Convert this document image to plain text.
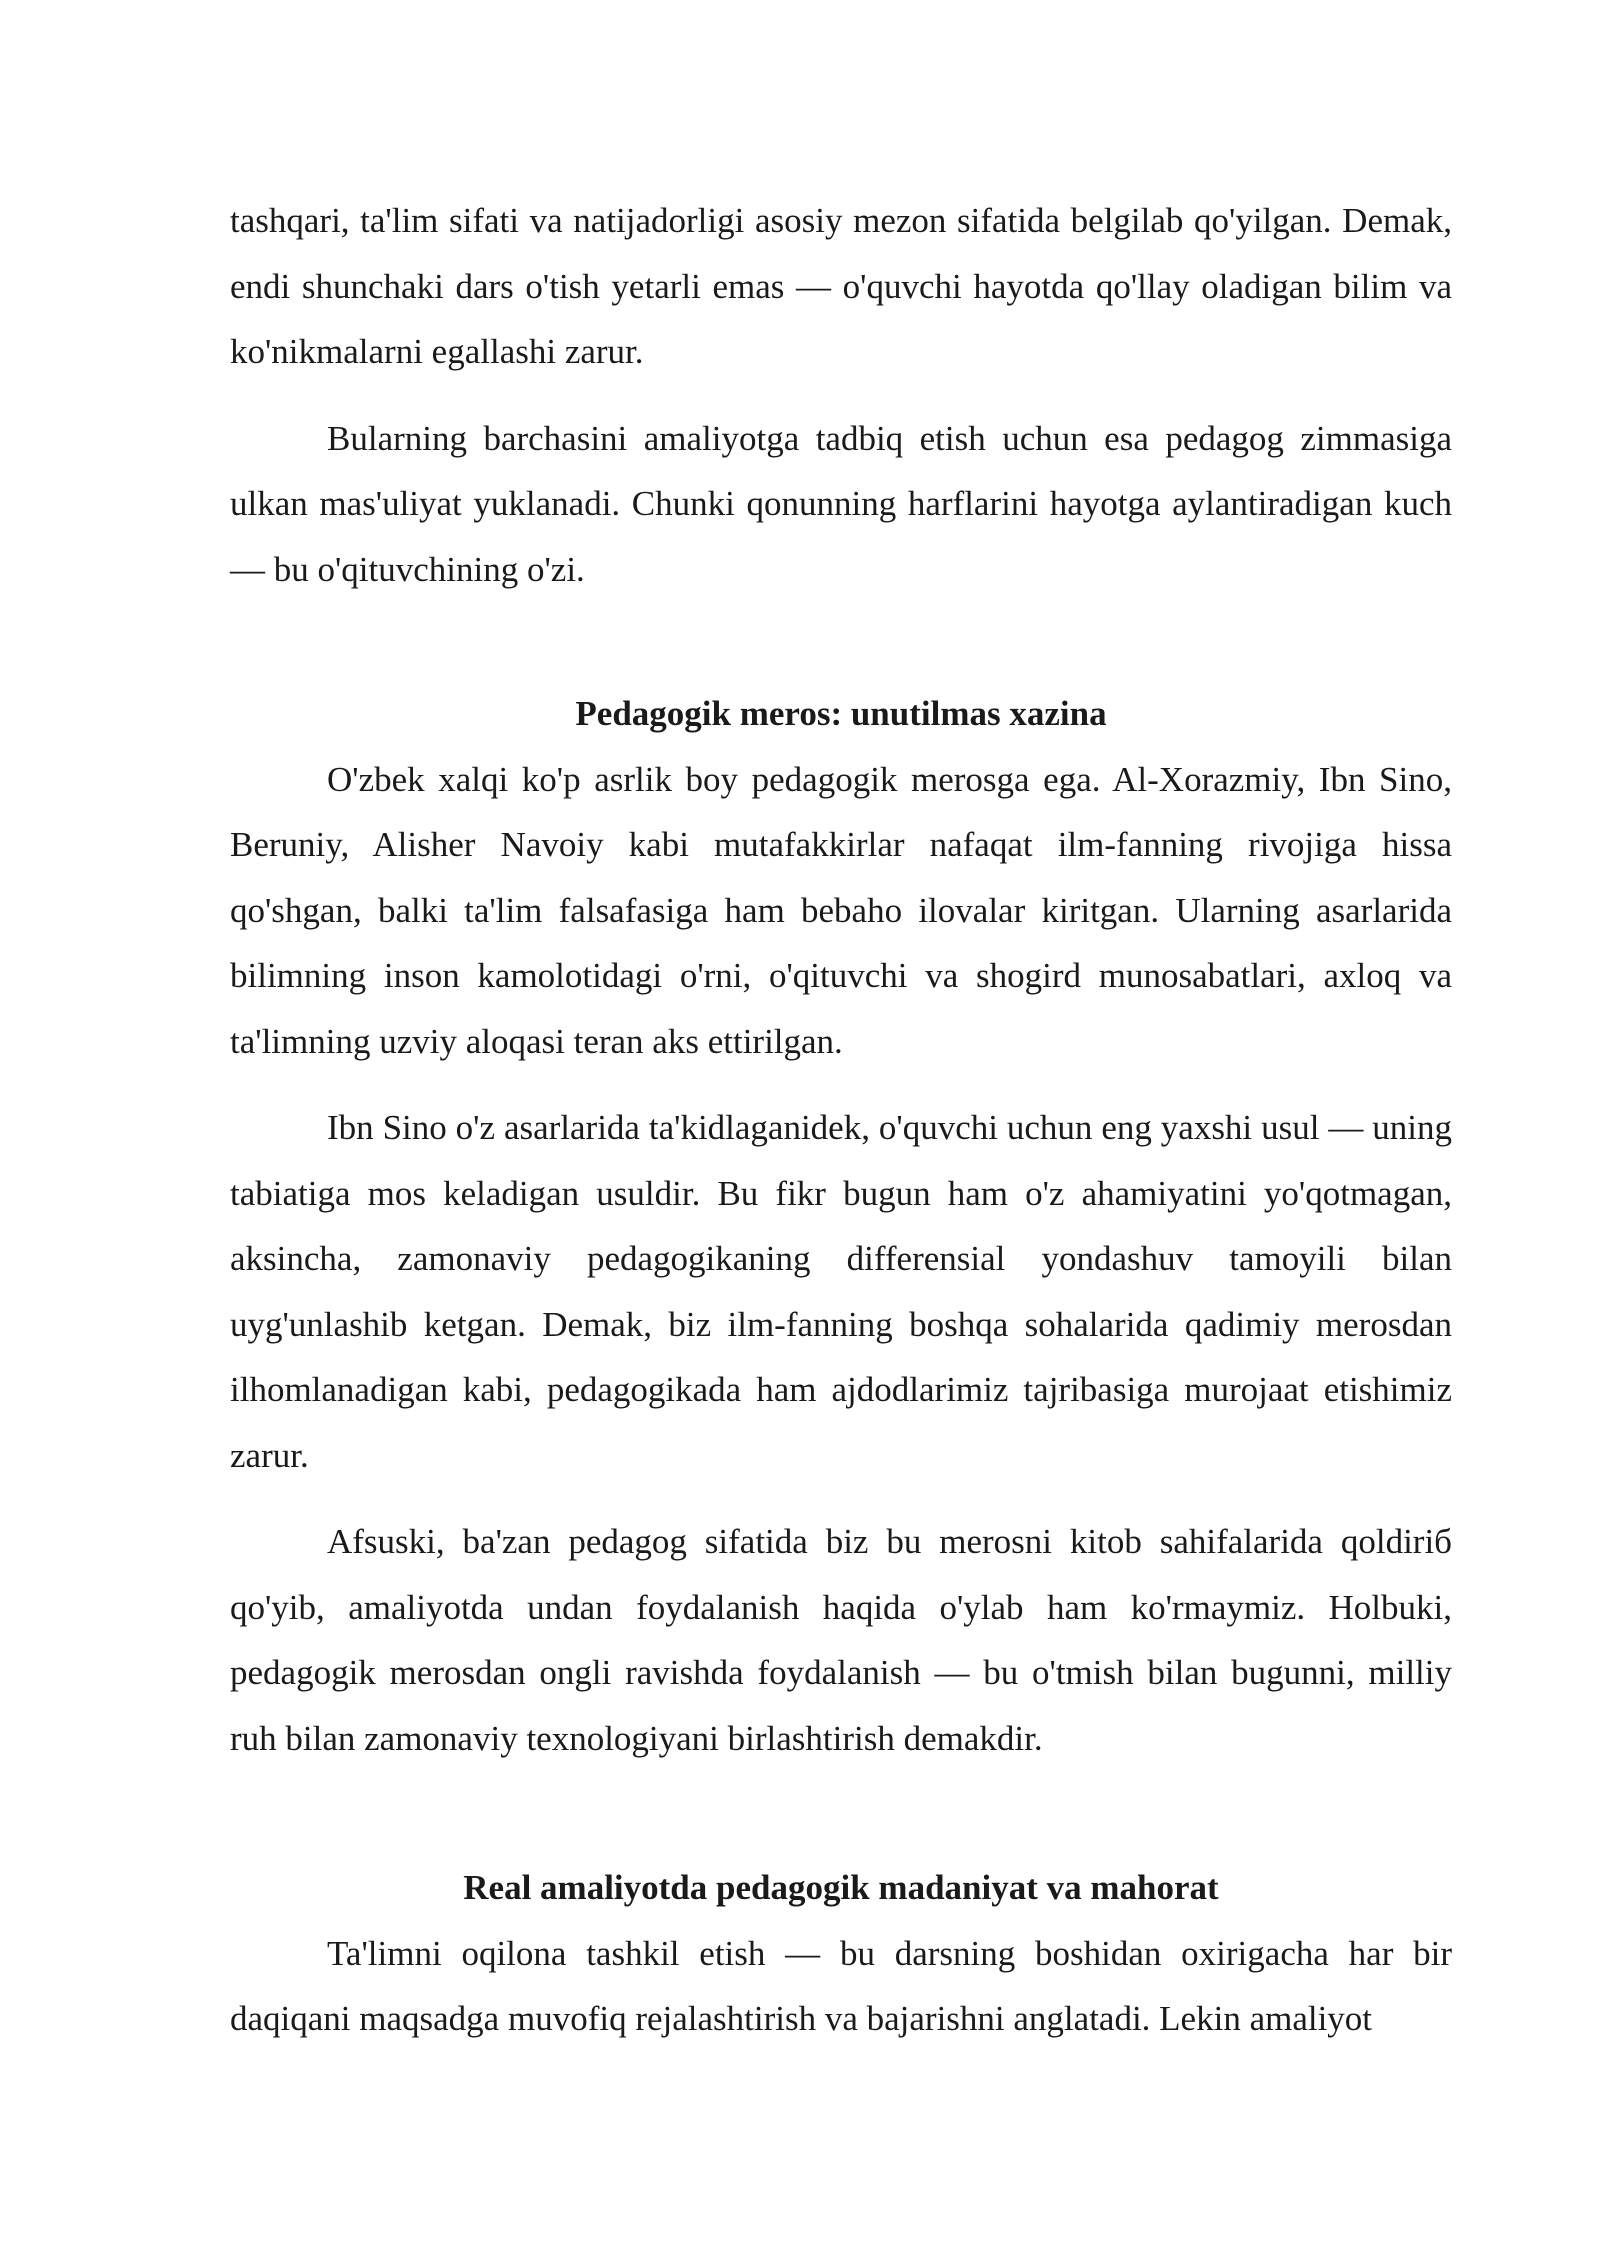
tashqari, ta'lim sifati va natijadorligi asosiy mezon sifatida belgilab qo'yilgan. Demak, endi shunchaki dars o'tish yetarli emas — o'quvchi hayotda qo'llay oladigan bilim va ko'nikmalarni egallashi zarur.

Bularning barchasini amaliyotga tadbiq etish uchun esa pedagog zimmasiga ulkan mas'uliyat yuklanadi. Chunki qonunning harflarini hayotga aylantiradigan kuch — bu o'qituvchining o'zi.

Pedagogik meros: unutilmas xazina

O'zbek xalqi ko'p asrlik boy pedagogik merosga ega. Al-Xorazmiy, Ibn Sino, Beruniy, Alisher Navoiy kabi mutafakkirlar nafaqat ilm-fanning rivojiga hissa qo'shgan, balki ta'lim falsafasiga ham bebaho ilovalar kiritgan. Ularning asarlarida bilimning inson kamolotidagi o'rni, o'qituvchi va shogird munosabatlari, axloq va ta'limning uzviy aloqasi teran aks ettirilgan.

Ibn Sino o'z asarlarida ta'kidlaganidek, o'quvchi uchun eng yaxshi usul — uning tabiatiga mos keladigan usuldir. Bu fikr bugun ham o'z ahamiyatini yo'qotmagan, aksincha, zamonaviy pedagogikaning differensial yondashuv tamoyili bilan uyg'unlashib ketgan. Demak, biz ilm-fanning boshqa sohalarida qadimiy merosdan ilhomlanadigan kabi, pedagogikada ham ajdodlarimiz tajribasiga murojaat etishimiz zarur.

Afsuski, ba'zan pedagog sifatida biz bu merosni kitob sahifalarida qoldiriб qo'yib, amaliyotda undan foydalanish haqida o'ylab ham ko'rmaymiz. Holbuki, pedagogik merosdan ongli ravishda foydalanish — bu o'tmish bilan bugunni, milliy ruh bilan zamonaviy texnologiyani birlashtirish demakdir.

Real amaliyotda pedagogik madaniyat va mahorat

Ta'limni oqilona tashkil etish — bu darsning boshidan oxirigacha har bir daqiqani maqsadga muvofiq rejalashtirish va bajarishni anglatadi. Lekin amaliyot
